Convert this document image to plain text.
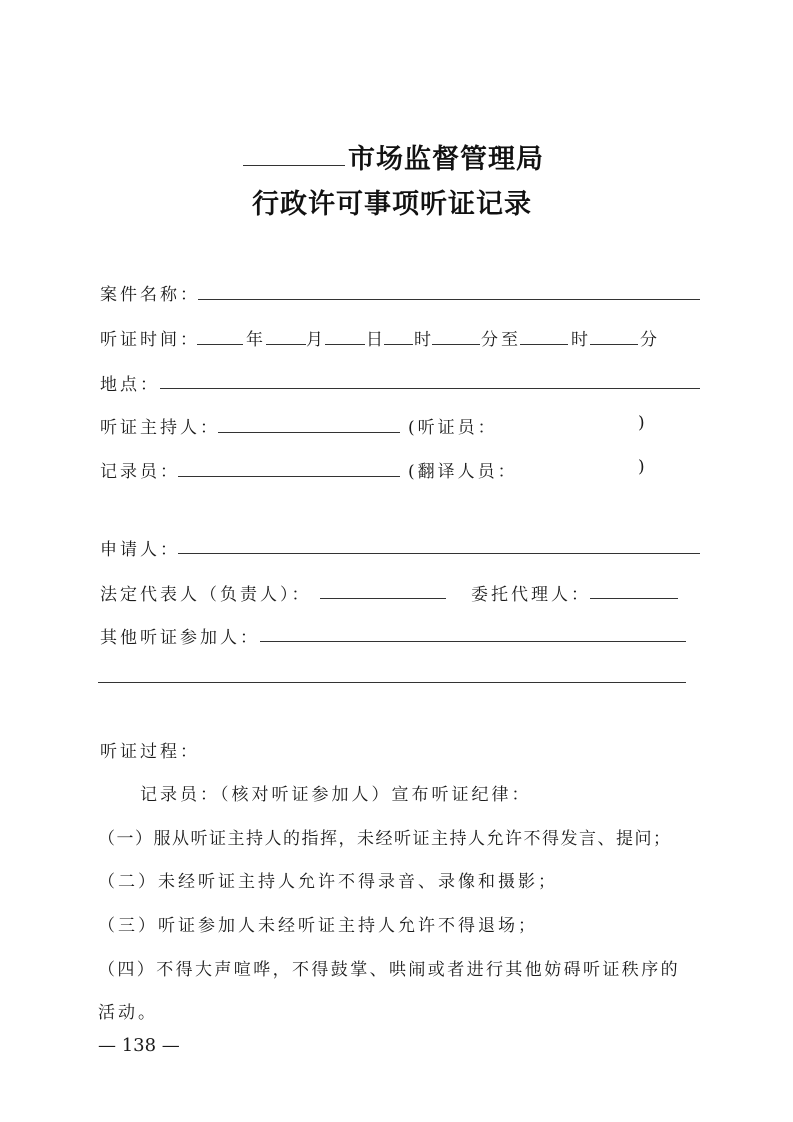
市场监督管理局
行政许可事项听证记录
案件名称：
听证时间：	年 月 日 时	分至	时	分
地点：
听证主持人：	(听证员：	)
记录员：	(翻译人员：	)
申请人：
法定代表人（负责人）：	委托代理人：
其他听证参加人：
听证过程：
记录员：（核对听证参加人）宣布听证纪律：
（一）服从听证主持人的指挥，未经听证主持人允许不得发言、提问；
（二）未经听证主持人允许不得录音、录像和摄影；
（三）听证参加人未经听证主持人允许不得退场；
（四）不得大声喧哗，不得鼓掌、哄闹或者进行其他妨碍听证秩序的
活动。
— 138 —
